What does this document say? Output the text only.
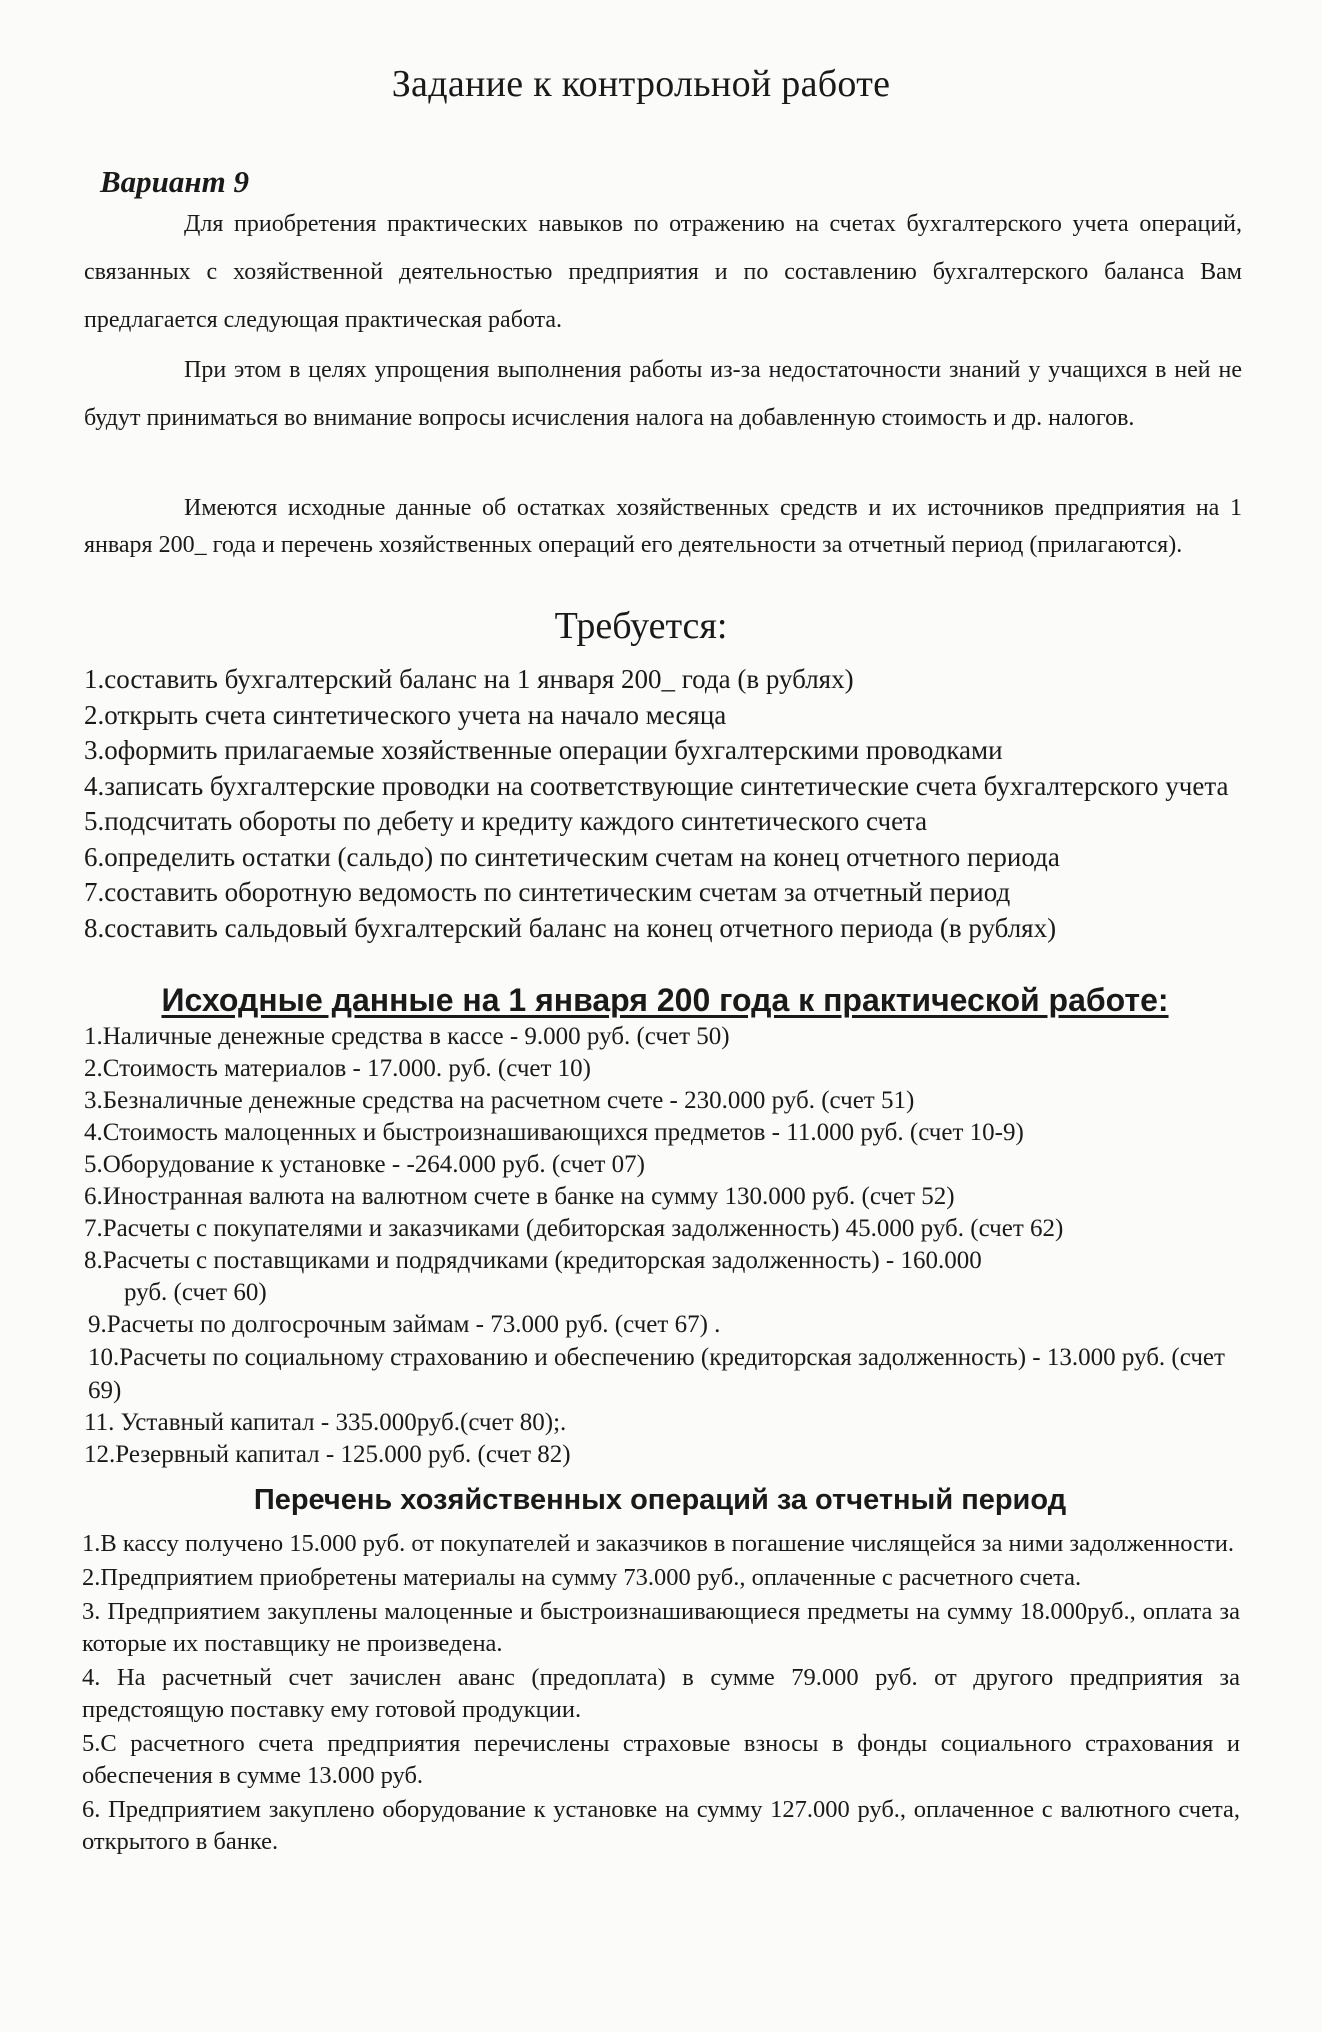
Задание к контрольной работе
Вариант 9

Для приобретения практических навыков по отражению на счетах бухгалтерского учета операций, связанных с хозяйственной деятельностью предприятия и по составлению бухгалтерского баланса Вам предлагается следующая практическая работа.

При этом в целях упрощения выполнения работы из-за недостаточности знаний у учащихся в ней не будут приниматься во внимание вопросы исчисления налога на добавленную стоимость и др. налогов.

Имеются исходные данные об остатках хозяйственных средств и их источников предприятия на 1 января 200_ года и перечень хозяйственных операций его деятельности за отчетный период (прилагаются).

Требуется:
1.составить бухгалтерский баланс на 1 января 200_ года (в рублях)
2.открыть счета синтетического учета на начало месяца
3.оформить прилагаемые хозяйственные операции бухгалтерскими проводками
4.записать бухгалтерские проводки на соответствующие синтетические счета бухгалтерского учета
5.подсчитать обороты по дебету и кредиту каждого синтетического счета
6.определить остатки (сальдо) по синтетическим счетам на конец отчетного периода
7.составить оборотную ведомость по синтетическим счетам за отчетный период
8.составить сальдовый бухгалтерский баланс на конец отчетного периода (в рублях)
Исходные данные на 1 января 200 года к практической работе:
1.Наличные денежные средства в кассе - 9.000 руб. (счет 50)
2.Стоимость материалов - 17.000. руб. (счет 10)
3.Безналичные денежные средства на расчетном счете - 230.000 руб. (счет 51)
4.Стоимость малоценных и быстроизнашивающихся предметов - 11.000 руб. (счет 10-9)
5.Оборудование к установке - -264.000 руб. (счет 07)
6.Иностранная валюта на валютном счете в банке на сумму 130.000 руб. (счет 52)
7.Расчеты с покупателями и заказчиками (дебиторская задолженность) 45.000 руб. (счет 62)
8.Расчеты с поставщиками и подрядчиками (кредиторская задолженность) - 160.000
руб. (счет 60)
9.Расчеты по долгосрочным займам - 73.000 руб. (счет 67) .
10.Расчеты по социальному страхованию и обеспечению (кредиторская задолженность) - 13.000 руб. (счет 69)
11. Уставный капитал - 335.000руб.(счет 80);.
12.Резервный капитал - 125.000 руб. (счет 82)
Перечень хозяйственных операций за отчетный период
1.В кассу получено 15.000 руб. от покупателей и заказчиков в погашение числящейся за ними задолженности.
2.Предприятием приобретены материалы на сумму 73.000 руб., оплаченные с расчетного счета.
3. Предприятием закуплены малоценные и быстроизнашивающиеся предметы на сумму 18.000руб., оплата за которые их поставщику не произведена.
4. На расчетный счет зачислен аванс (предоплата) в сумме 79.000 руб. от другого предприятия за предстоящую поставку ему готовой продукции.
5.С расчетного счета предприятия перечислены страховые взносы в фонды социального страхования и обеспечения в сумме 13.000 руб.
6. Предприятием закуплено оборудование к установке на сумму 127.000 руб., оплаченное с валютного счета, открытого в банке.
